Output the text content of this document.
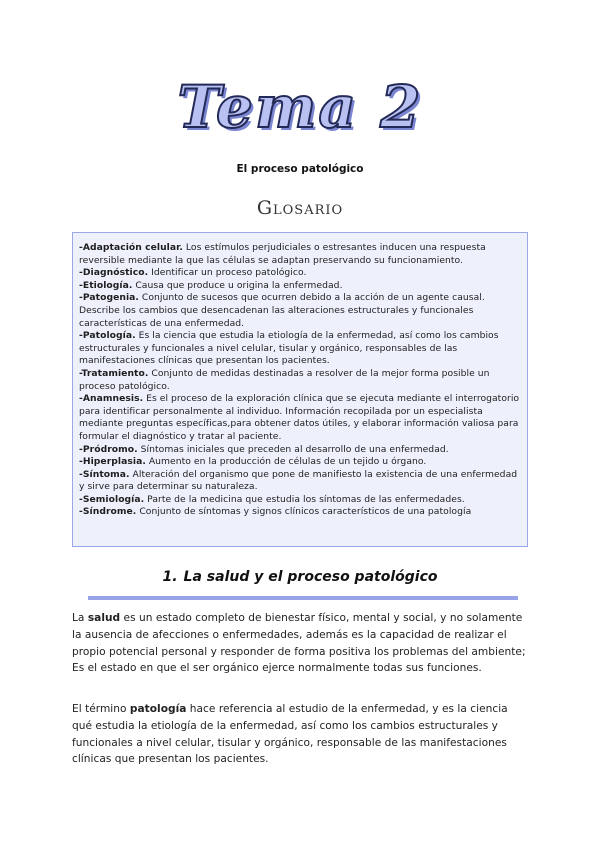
Tema 2
El proceso patológico
Glosario
-Adaptación celular. Los estímulos perjudiciales o estresantes inducen una respuesta reversible mediante la que las células se adaptan preservando su funcionamiento.
-Diagnóstico. Identificar un proceso patológico.
-Etiología. Causa que produce u origina la enfermedad.
-Patogenia. Conjunto de sucesos que ocurren debido a la acción de un agente causal. Describe los cambios que desencadenan las alteraciones estructurales y funcionales características de una enfermedad.
-Patología. Es la ciencia que estudia la etiología de la enfermedad, así como los cambios estructurales y funcionales a nivel celular, tisular y orgánico, responsables de las manifestaciones clínicas que presentan los pacientes.
-Tratamiento. Conjunto de medidas destinadas a resolver de la mejor forma posible un proceso patológico.
-Anamnesis. Es el proceso de la exploración clínica que se ejecuta mediante el interrogatorio para identificar personalmente al individuo. Información recopilada por un especialista mediante preguntas específicas,para obtener datos útiles, y elaborar información valiosa para formular el diagnóstico y tratar al paciente.
-Pródromo. Síntomas iniciales que preceden al desarrollo de una enfermedad.
-Hiperplasia. Aumento en la producción de células de un tejido u órgano.
-Síntoma. Alteración del organismo que pone de manifiesto la existencia de una enfermedad y sirve para determinar su naturaleza.
-Semiología. Parte de la medicina que estudia los síntomas de las enfermedades.
-Síndrome. Conjunto de síntomas y signos clínicos característicos de una patología
1. La salud y el proceso patológico

La salud es un estado completo de bienestar físico, mental y social, y no solamente la ausencia de afecciones o enfermedades, además es la capacidad de realizar el propio potencial personal y responder de forma positiva los problemas del ambiente; Es el estado en que el ser orgánico ejerce normalmente todas sus funciones.

El término patología hace referencia al estudio de la enfermedad, y es la ciencia qué estudia la etiología de la enfermedad, así como los cambios estructurales y funcionales a nivel celular, tisular y orgánico, responsable de las manifestaciones clínicas que presentan los pacientes.
